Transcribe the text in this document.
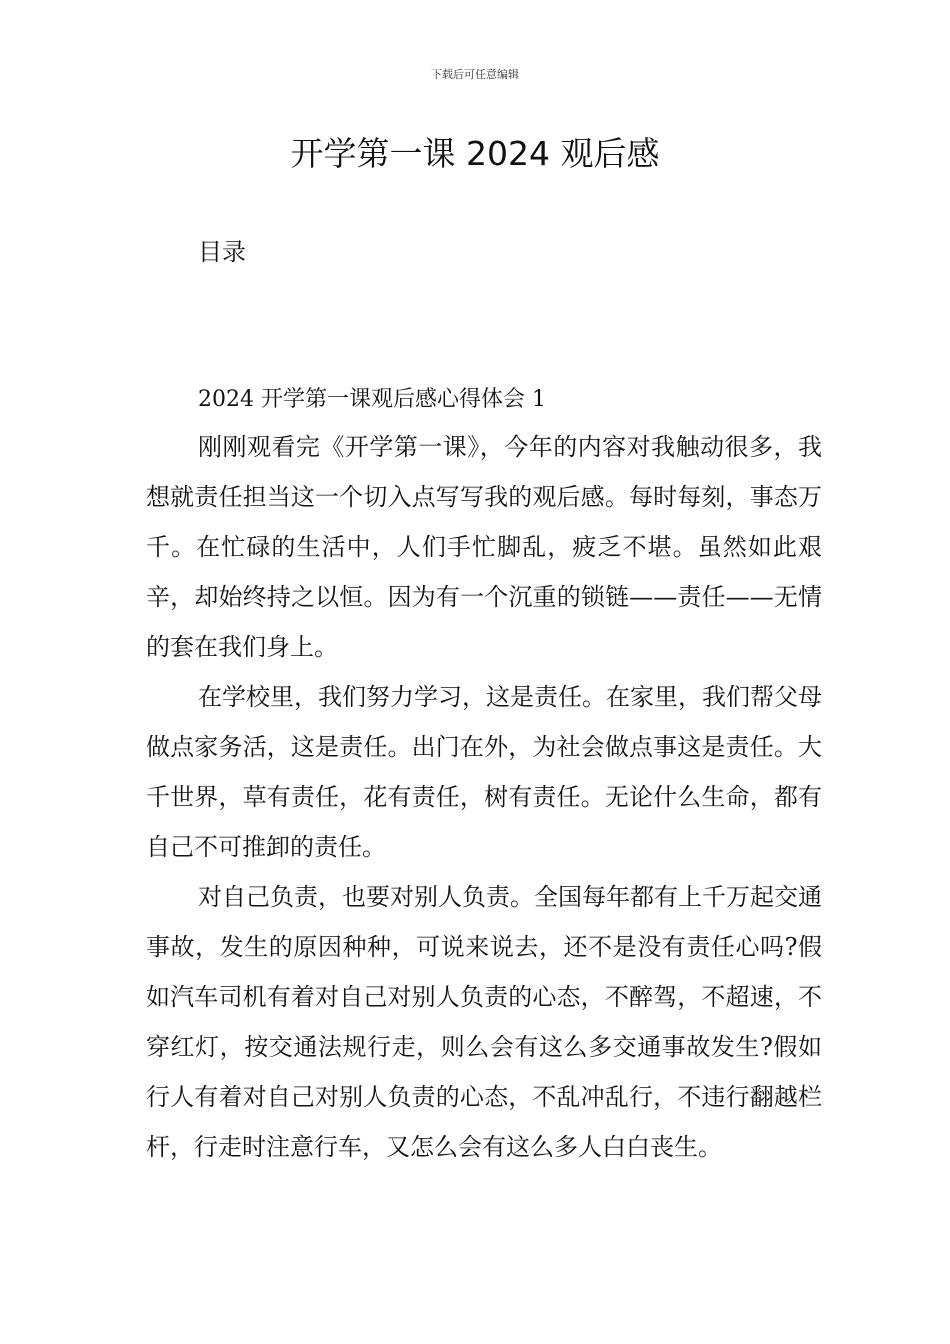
下载后可任意编辑
开学第一课 2024 观后感
目录
2024 开学第一课观后感心得体会 1

刚刚观看完《开学第一课》，今年的内容对我触动很多，我想就责任担当这一个切入点写写我的观后感。每时每刻，事态万千。在忙碌的生活中，人们手忙脚乱，疲乏不堪。虽然如此艰辛，却始终持之以恒。因为有一个沉重的锁链——责任——无情的套在我们身上。

在学校里，我们努力学习，这是责任。在家里，我们帮父母做点家务活，这是责任。出门在外，为社会做点事这是责任。大千世界，草有责任，花有责任，树有责任。无论什么生命，都有自己不可推卸的责任。

对自己负责，也要对别人负责。全国每年都有上千万起交通事故，发生的原因种种，可说来说去，还不是没有责任心吗?假如汽车司机有着对自己对别人负责的心态，不醉驾，不超速，不穿红灯，按交通法规行走，则么会有这么多交通事故发生?假如行人有着对自己对别人负责的心态，不乱冲乱行，不违行翻越栏杆，行走时注意行车，又怎么会有这么多人白白丧生。
